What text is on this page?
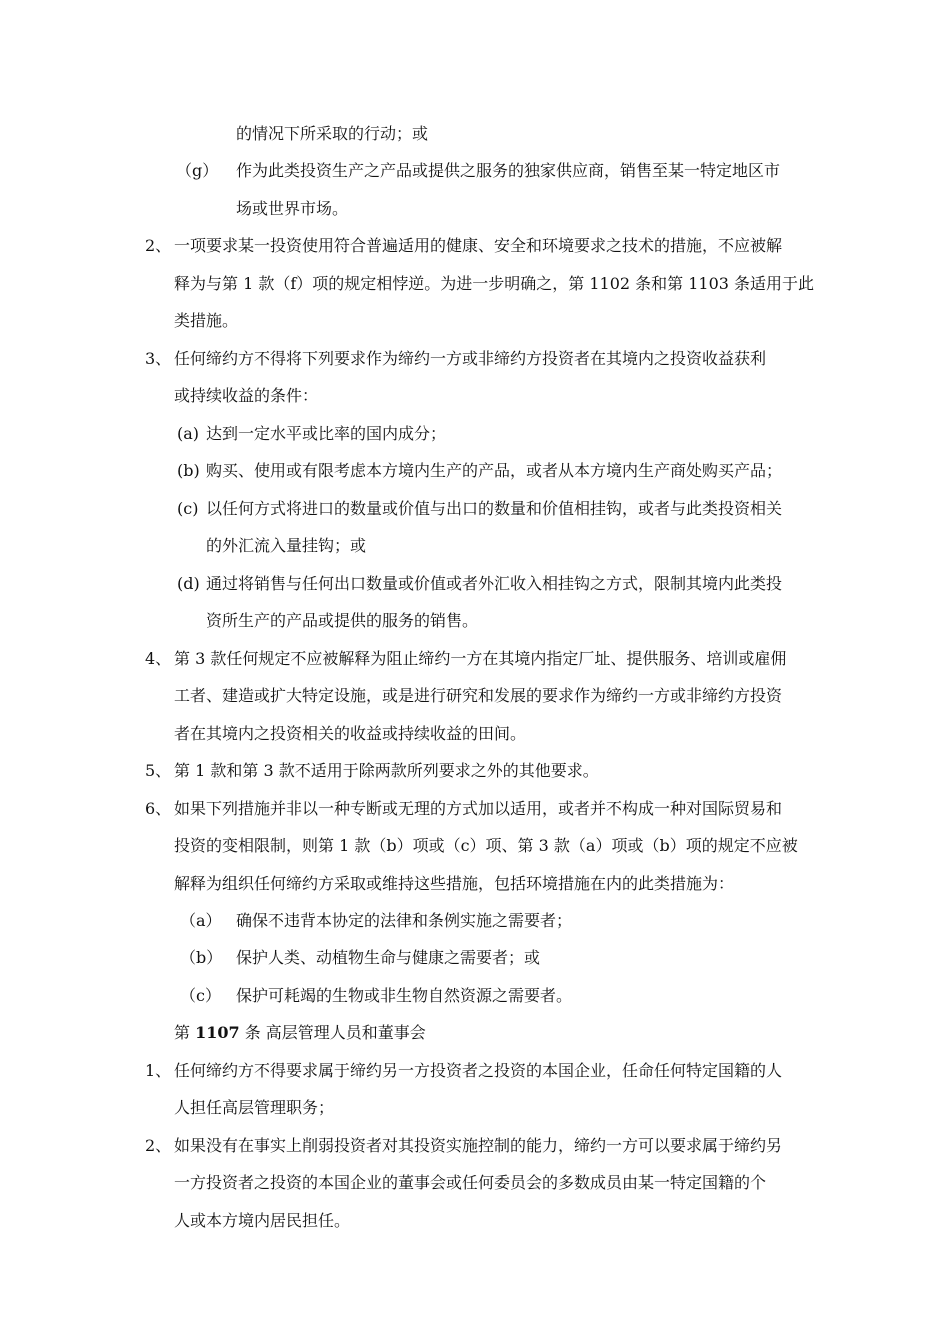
的情况下所采取的行动；或
（g） 作为此类投资生产之产品或提供之服务的独家供应商，销售至某一特定地区市
场或世界市场。
2、 一项要求某一投资使用符合普遍适用的健康、安全和环境要求之技术的措施，不应被解
释为与第 1 款（f）项的规定相悖逆。为进一步明确之，第 1102 条和第 1103 条适用于此
类措施。
3、 任何缔约方不得将下列要求作为缔约一方或非缔约方投资者在其境内之投资收益获利
或持续收益的条件：
(a) 达到一定水平或比率的国内成分；
(b) 购买、使用或有限考虑本方境内生产的产品，或者从本方境内生产商处购买产品；
(c) 以任何方式将进口的数量或价值与出口的数量和价值相挂钩，或者与此类投资相关
的外汇流入量挂钩；或
(d) 通过将销售与任何出口数量或价值或者外汇收入相挂钩之方式，限制其境内此类投
资所生产的产品或提供的服务的销售。
4、 第 3 款任何规定不应被解释为阻止缔约一方在其境内指定厂址、提供服务、培训或雇佣
工者、建造或扩大特定设施，或是进行研究和发展的要求作为缔约一方或非缔约方投资
者在其境内之投资相关的收益或持续收益的田间。
5、 第 1 款和第 3 款不适用于除两款所列要求之外的其他要求。
6、 如果下列措施并非以一种专断或无理的方式加以适用，或者并不构成一种对国际贸易和
投资的变相限制，则第 1 款（b）项或（c）项、第 3 款（a）项或（b）项的规定不应被
解释为组织任何缔约方采取或维持这些措施，包括环境措施在内的此类措施为：
（a） 确保不违背本协定的法律和条例实施之需要者；
（b） 保护人类、动植物生命与健康之需要者；或
（c） 保护可耗竭的生物或非生物自然资源之需要者。
第 1107 条 高层管理人员和董事会
1、 任何缔约方不得要求属于缔约另一方投资者之投资的本国企业，任命任何特定国籍的人
人担任高层管理职务；
2、 如果没有在事实上削弱投资者对其投资实施控制的能力，缔约一方可以要求属于缔约另
一方投资者之投资的本国企业的董事会或任何委员会的多数成员由某一特定国籍的个
人或本方境内居民担任。
